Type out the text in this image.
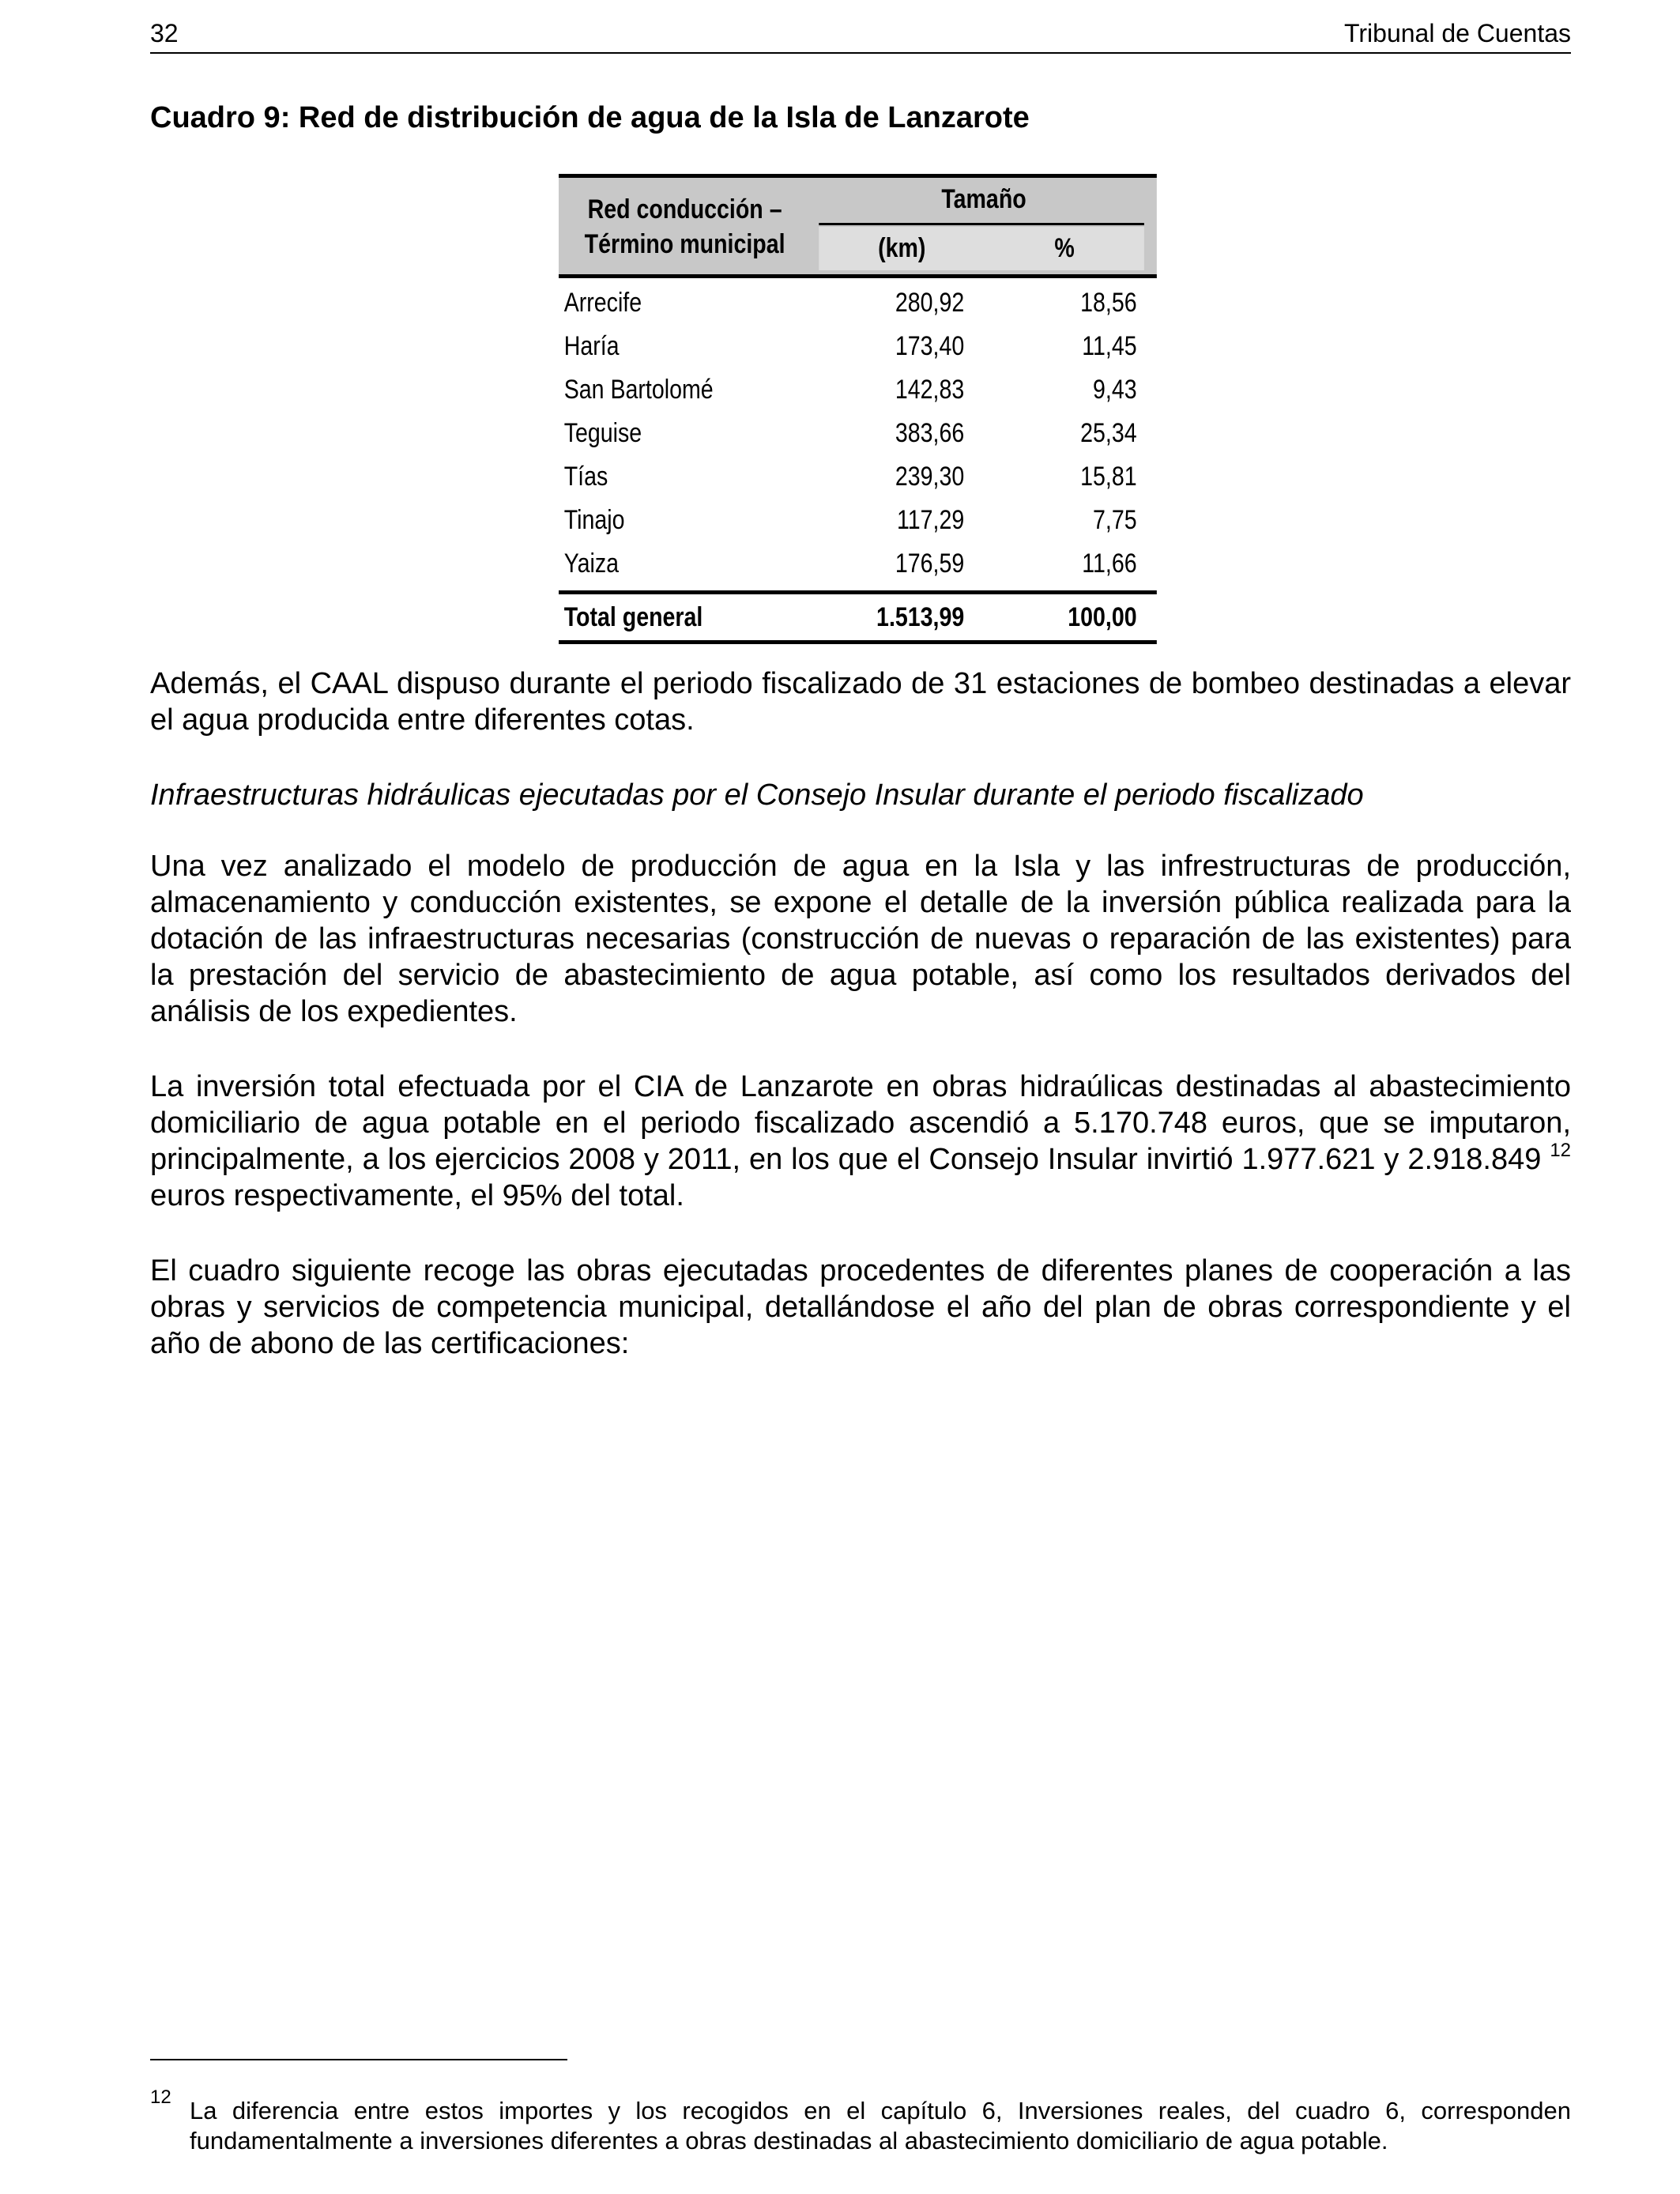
32	Tribunal de Cuentas
Cuadro 9: Red de distribución de agua de la Isla de Lanzarote
Red conducción –
Término municipal
Tamaño
(km)	%
Arrecife	280,92	18,56
Haría	173,40	11,45
San Bartolomé	142,83	9,43
Teguise	383,66	25,34
Tías	239,30	15,81
Tinajo	117,29	7,75
Yaiza	176,59	11,66
Total general	1.513,99	100,00
Además, el CAAL dispuso durante el periodo fiscalizado de 31 estaciones de bombeo destinadas a elevar el agua producida entre diferentes cotas.
Infraestructuras hidráulicas ejecutadas por el Consejo Insular durante el periodo fiscalizado
Una vez analizado el modelo de producción de agua en la Isla y las infrestructuras de producción, almacenamiento y conducción existentes, se expone el detalle de la inversión pública realizada para la dotación de las infraestructuras necesarias (construcción de nuevas o reparación de las existentes) para la prestación del servicio de abastecimiento de agua potable, así como los resultados derivados del análisis de los expedientes.
La inversión total efectuada por el CIA de Lanzarote en obras hidraúlicas destinadas al abastecimiento domiciliario de agua potable en el periodo fiscalizado ascendió a 5.170.748 euros, que se imputaron, principalmente, a los ejercicios 2008 y 2011, en los que el Consejo Insular invirtió 1.977.621 y 2.918.849 $^{12}$ euros respectivamente, el 95% del total.
El cuadro siguiente recoge las obras ejecutadas procedentes de diferentes planes de cooperación a las obras y servicios de competencia municipal, detallándose el año del plan de obras correspondiente y el año de abono de las certificaciones:
12 La diferencia entre estos importes y los recogidos en el capítulo 6, Inversiones reales, del cuadro 6, corresponden fundamentalmente a inversiones diferentes a obras destinadas al abastecimiento domiciliario de agua potable.
